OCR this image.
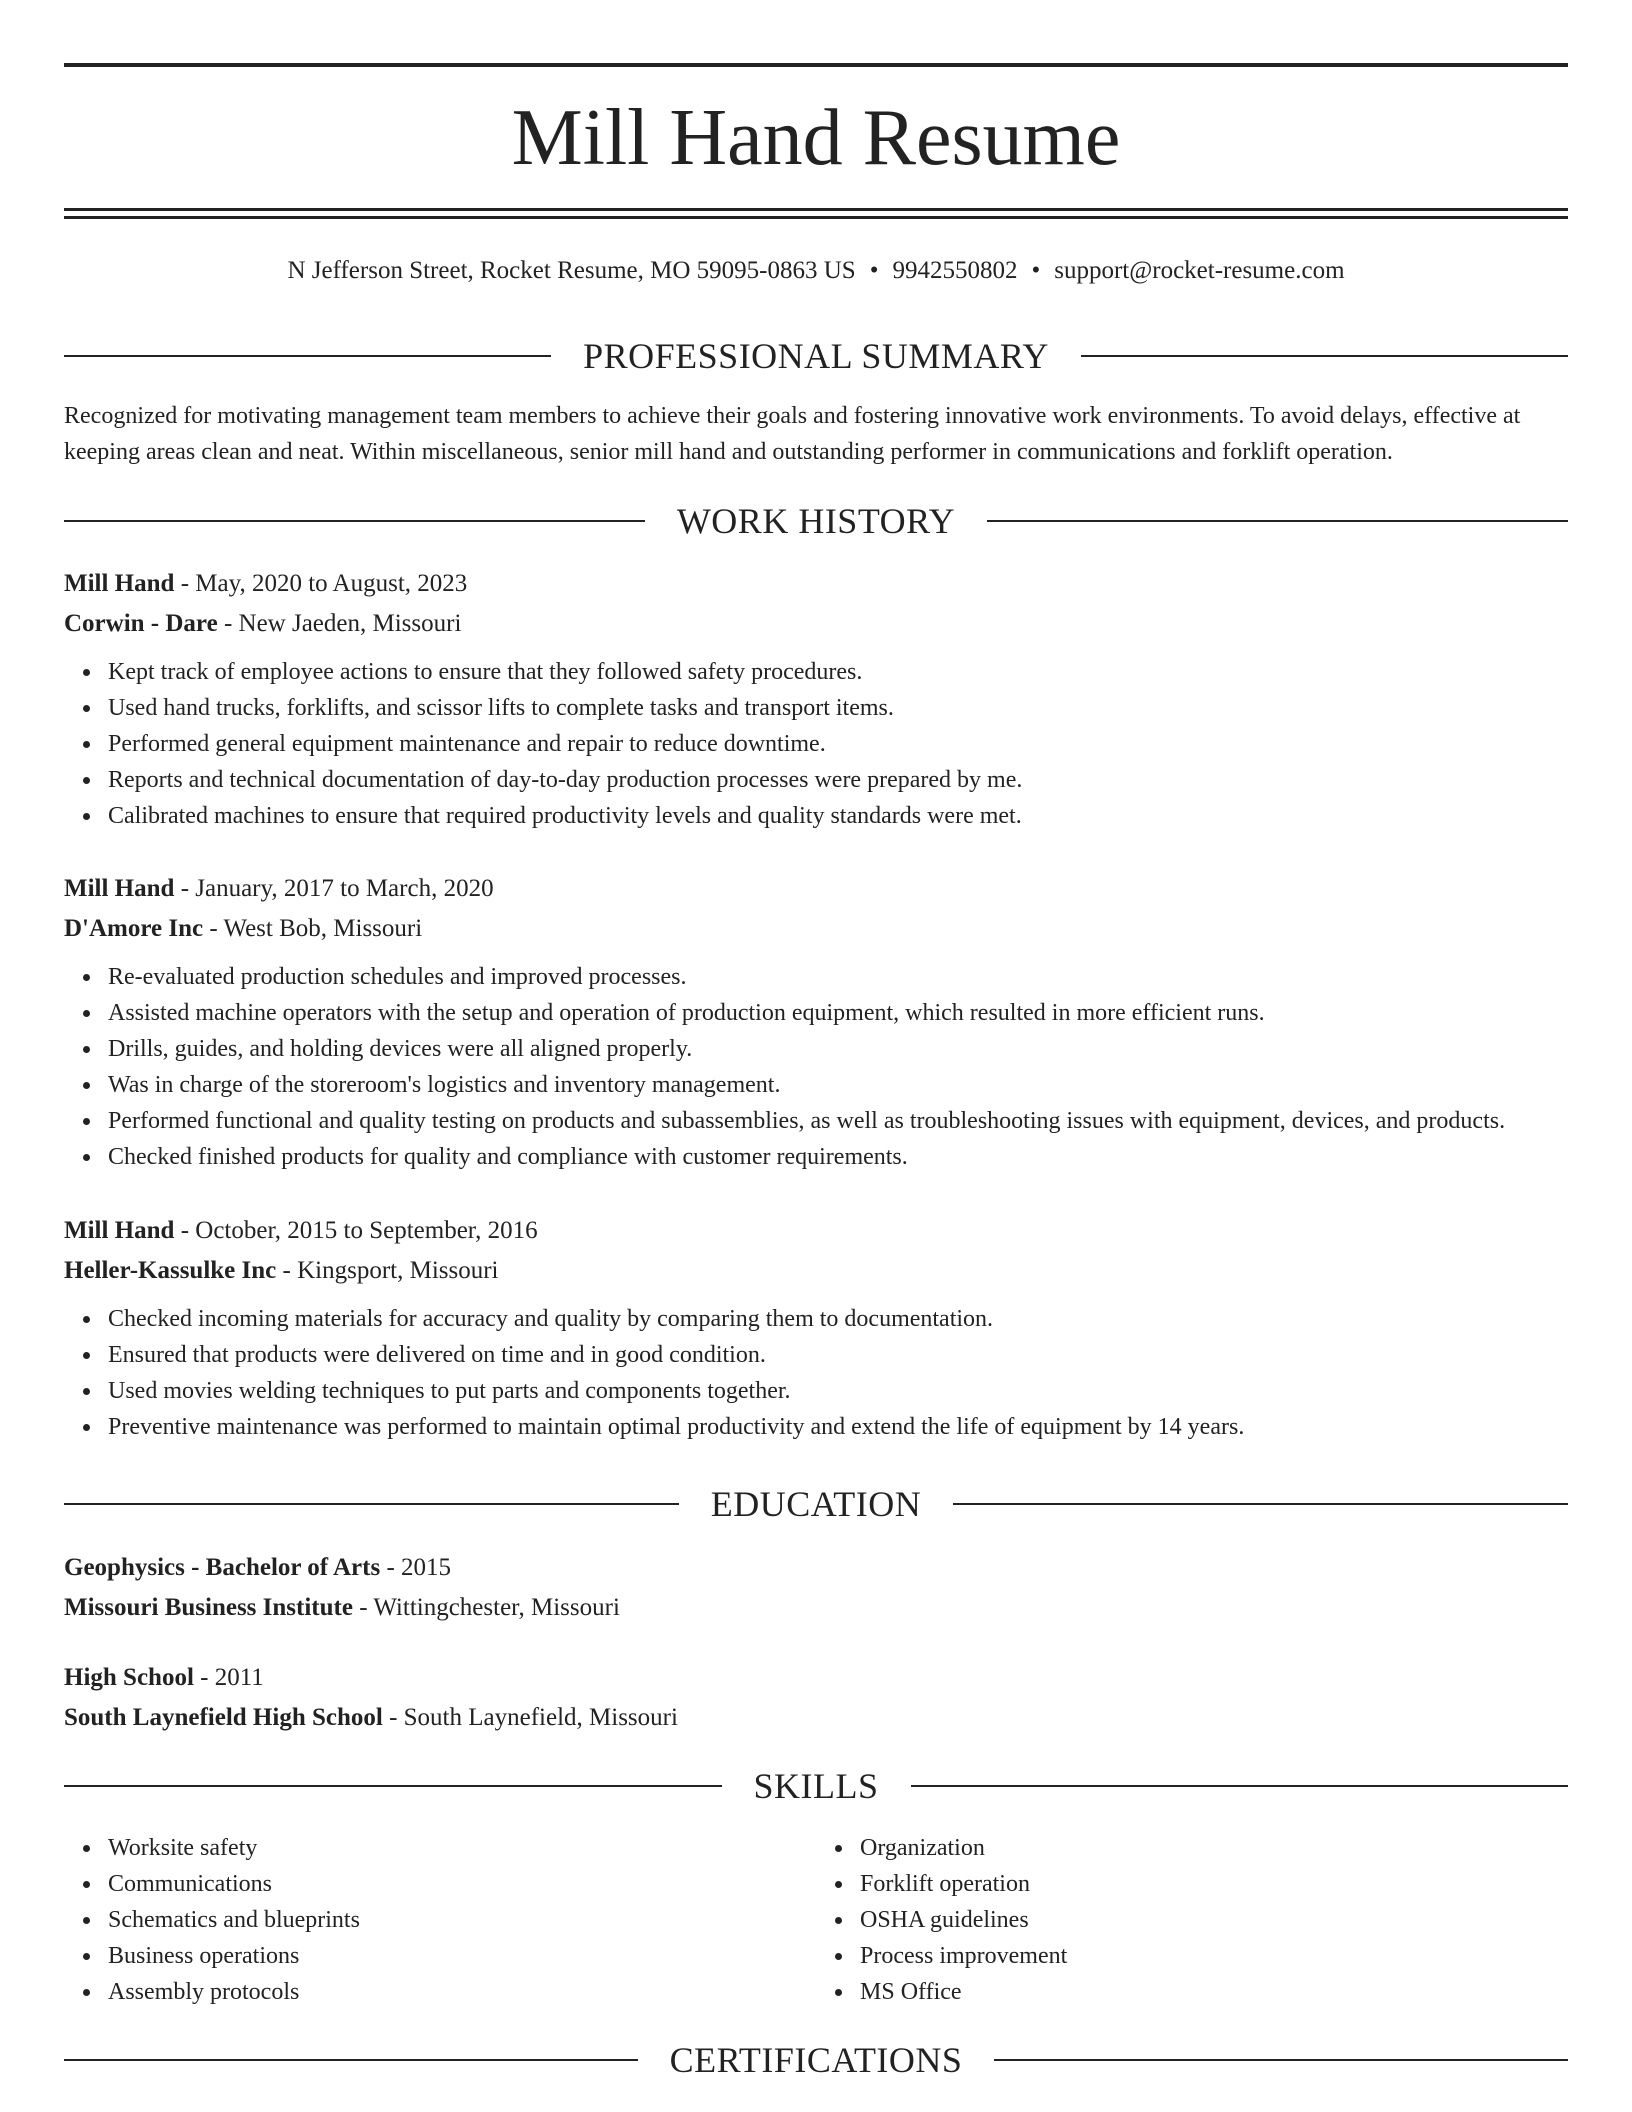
Mill Hand Resume
N Jefferson Street, Rocket Resume, MO 59095-0863 US • 9942550802 • support@rocket-resume.com
PROFESSIONAL SUMMARY
Recognized for motivating management team members to achieve their goals and fostering innovative work environments. To avoid delays, effective at keeping areas clean and neat. Within miscellaneous, senior mill hand and outstanding performer in communications and forklift operation.
WORK HISTORY
Mill Hand - May, 2020 to August, 2023
Corwin - Dare - New Jaeden, Missouri
Kept track of employee actions to ensure that they followed safety procedures.
Used hand trucks, forklifts, and scissor lifts to complete tasks and transport items.
Performed general equipment maintenance and repair to reduce downtime.
Reports and technical documentation of day-to-day production processes were prepared by me.
Calibrated machines to ensure that required productivity levels and quality standards were met.
Mill Hand - January, 2017 to March, 2020
D'Amore Inc - West Bob, Missouri
Re-evaluated production schedules and improved processes.
Assisted machine operators with the setup and operation of production equipment, which resulted in more efficient runs.
Drills, guides, and holding devices were all aligned properly.
Was in charge of the storeroom's logistics and inventory management.
Performed functional and quality testing on products and subassemblies, as well as troubleshooting issues with equipment, devices, and products.
Checked finished products for quality and compliance with customer requirements.
Mill Hand - October, 2015 to September, 2016
Heller-Kassulke Inc - Kingsport, Missouri
Checked incoming materials for accuracy and quality by comparing them to documentation.
Ensured that products were delivered on time and in good condition.
Used movies welding techniques to put parts and components together.
Preventive maintenance was performed to maintain optimal productivity and extend the life of equipment by 14 years.
EDUCATION
Geophysics - Bachelor of Arts - 2015
Missouri Business Institute - Wittingchester, Missouri
High School - 2011
South Laynefield High School - South Laynefield, Missouri
SKILLS
Worksite safety
Communications
Schematics and blueprints
Business operations
Assembly protocols
Organization
Forklift operation
OSHA guidelines
Process improvement
MS Office
CERTIFICATIONS
